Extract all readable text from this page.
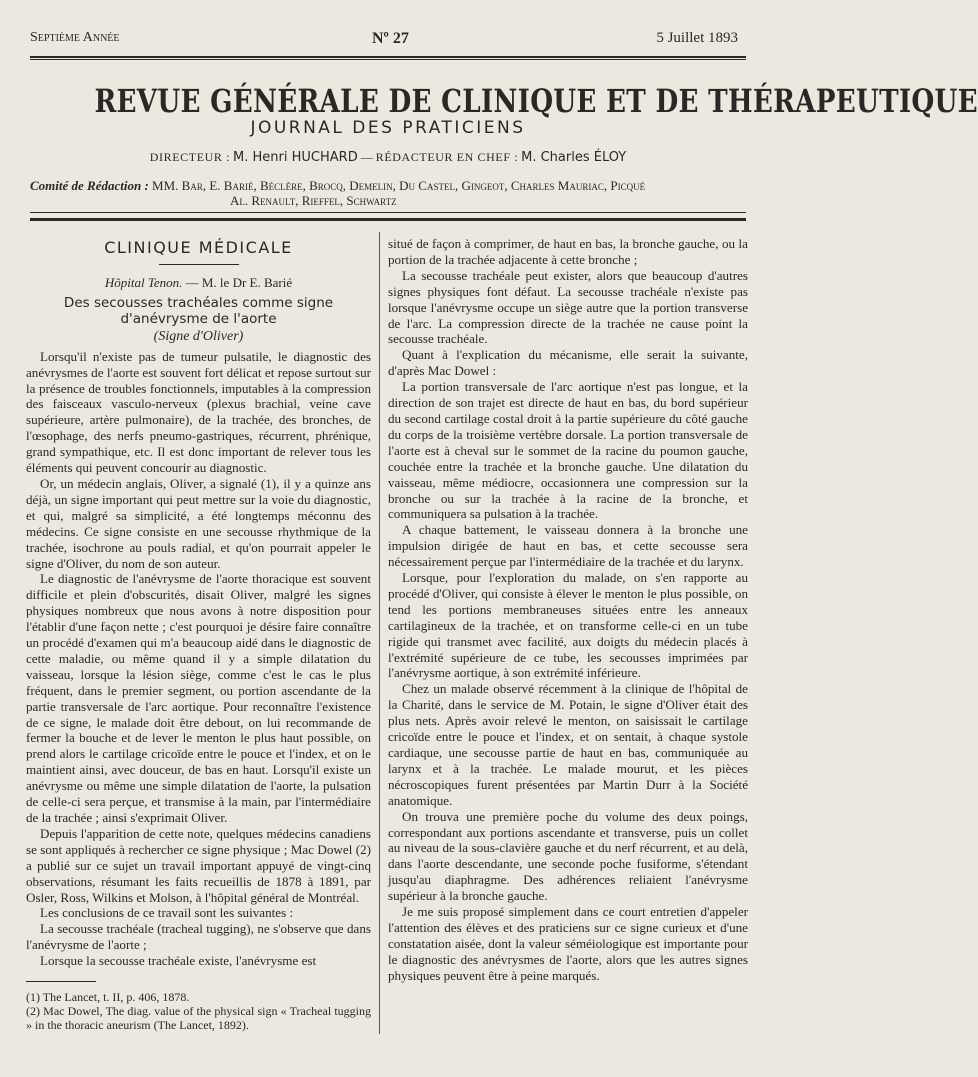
Septième Année	Nº 27	5 Juillet 1893
REVUE GÉNÉRALE DE CLINIQUE ET DE THÉRAPEUTIQUE
JOURNAL DES PRATICIENS
DIRECTEUR : M. Henri HUCHARD — RÉDACTEUR EN CHEF : M. Charles ÉLOY
Comité de Rédaction : MM. Bar, E. Barié, Béclère, Brocq, Demelin, Du Castel, Gingeot, Charles Mauriac, Picqué
Al. Renault, Rieffel, Schwartz
CLINIQUE MÉDICALE
Hôpital Tenon. — M. le Dr E. Barié
Des secousses trachéales comme signe d'anévrysme de l'aorte
(Signe d'Oliver)

Lorsqu'il n'existe pas de tumeur pulsatile, le diagnostic des anévrysmes de l'aorte est souvent fort délicat et repose surtout sur la présence de troubles fonctionnels, imputables à la compression des faisceaux vasculo-nerveux (plexus brachial, veine cave supérieure, artère pulmonaire), de la trachée, des bronches, de l'œsophage, des nerfs pneumo-gastriques, récurrent, phrénique, grand sympathique, etc. Il est donc important de relever tous les éléments qui peuvent concourir au diagnostic.

Or, un médecin anglais, Oliver, a signalé (1), il y a quinze ans déjà, un signe important qui peut mettre sur la voie du diagnostic, et qui, malgré sa simplicité, a été longtemps méconnu des médecins. Ce signe consiste en une secousse rhythmique de la trachée, isochrone au pouls radial, et qu'on pourrait appeler le signe d'Oliver, du nom de son auteur.

Le diagnostic de l'anévrysme de l'aorte thoracique est souvent difficile et plein d'obscurités, disait Oliver, malgré les signes physiques nombreux que nous avons à notre disposition pour l'établir d'une façon nette ; c'est pourquoi je désire faire connaître un procédé d'examen qui m'a beaucoup aidé dans le diagnostic de cette maladie, ou même quand il y a simple dilatation du vaisseau, lorsque la lésion siège, comme c'est le cas le plus fréquent, dans le premier segment, ou portion ascendante de la partie transversale de l'arc aortique. Pour reconnaître l'existence de ce signe, le malade doit être debout, on lui recommande de fermer la bouche et de lever le menton le plus haut possible, on prend alors le cartilage cricoïde entre le pouce et l'index, et on le maintient ainsi, avec douceur, de bas en haut. Lorsqu'il existe un anévrysme ou même une simple dilatation de l'aorte, la pulsation de celle-ci sera perçue, et transmise à la main, par l'intermédiaire de la trachée ; ainsi s'exprimait Oliver.

Depuis l'apparition de cette note, quelques médecins canadiens se sont appliqués à rechercher ce signe physique ; Mac Dowel (2) a publié sur ce sujet un travail important appuyé de vingt-cinq observations, résumant les faits recueillis de 1878 à 1891, par Osler, Ross, Wilkins et Molson, à l'hôpital général de Montréal.

Les conclusions de ce travail sont les suivantes :

La secousse trachéale (tracheal tugging), ne s'observe que dans l'anévrysme de l'aorte ;

Lorsque la secousse trachéale existe, l'anévrysme est

(1) The Lancet, t. II, p. 406, 1878.

(2) Mac Dowel, The diag. value of the physical sign « Tracheal tugging » in the thoracic aneurism (The Lancet, 1892).

situé de façon à comprimer, de haut en bas, la bronche gauche, ou la portion de la trachée adjacente à cette bronche ;

La secousse trachéale peut exister, alors que beaucoup d'autres signes physiques font défaut. La secousse trachéale n'existe pas lorsque l'anévrysme occupe un siège autre que la portion transverse de l'arc. La compression directe de la trachée ne cause point la secousse trachéale.

Quant à l'explication du mécanisme, elle serait la suivante, d'après Mac Dowel :

La portion transversale de l'arc aortique n'est pas longue, et la direction de son trajet est directe de haut en bas, du bord supérieur du second cartilage costal droit à la partie supérieure du côté gauche du corps de la troisième vertèbre dorsale. La portion transversale de l'aorte est à cheval sur le sommet de la racine du poumon gauche, couchée entre la trachée et la bronche gauche. Une dilatation du vaisseau, même médiocre, occasionnera une compression sur la bronche ou sur la trachée à la racine de la bronche, et communiquera sa pulsation à la trachée.

A chaque battement, le vaisseau donnera à la bronche une impulsion dirigée de haut en bas, et cette secousse sera nécessairement perçue par l'intermédiaire de la trachée et du larynx.

Lorsque, pour l'exploration du malade, on s'en rapporte au procédé d'Oliver, qui consiste à élever le menton le plus possible, on tend les portions membraneuses situées entre les anneaux cartilagineux de la trachée, et on transforme celle-ci en un tube rigide qui transmet avec facilité, aux doigts du médecin placés à l'extrémité supérieure de ce tube, les secousses imprimées par l'anévrysme aortique, à son extrémité inférieure.

Chez un malade observé récemment à la clinique de l'hôpital de la Charité, dans le service de M. Potain, le signe d'Oliver était des plus nets. Après avoir relevé le menton, on saisissait le cartilage cricoïde entre le pouce et l'index, et on sentait, à chaque systole cardiaque, une secousse partie de haut en bas, communiquée au larynx et à la trachée. Le malade mourut, et les pièces nécroscopiques furent présentées par Martin Durr à la Société anatomique.

On trouva une première poche du volume des deux poings, correspondant aux portions ascendante et transverse, puis un collet au niveau de la sous-clavière gauche et du nerf récurrent, et au delà, dans l'aorte descendante, une seconde poche fusiforme, s'étendant jusqu'au diaphragme. Des adhérences reliaient l'anévrysme supérieur à la bronche gauche.

Je me suis proposé simplement dans ce court entretien d'appeler l'attention des élèves et des praticiens sur ce signe curieux et d'une constatation aisée, dont la valeur séméiologique est importante pour le diagnostic des anévrysmes de l'aorte, alors que les autres signes physiques peuvent être à peine marqués.
